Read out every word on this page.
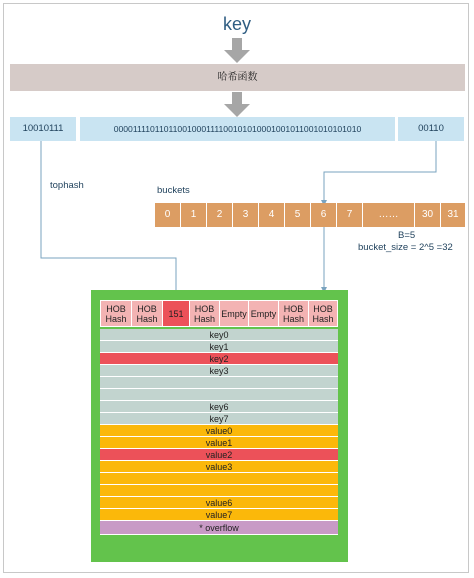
key
哈希函数
10010111	00001111011011001000111100101010001001011001010101010	00110
tophash	buckets
0	1	2	3	4	5	6	7	……	30	31
B=5
bucket_size = 2^5 =32
HOB Hash
HOB Hash	151	HOB Hash Empty Empty HOB Hash
HOB Hash
key0
key1
key2
key3
key6
key7
value0
value1
value2
value3
value6
value7
* overflow
